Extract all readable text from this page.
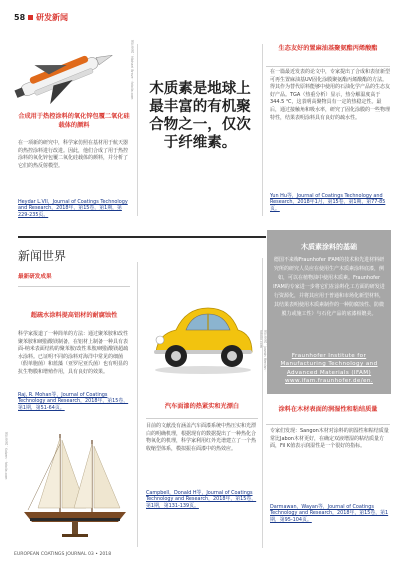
58 研发新闻
图片来源：Michael Brave · fotolia.com
合成用于热控涂料的氧化锌包覆二氧化硅载体的颜料
在一项新的研究中，科学家仿照在基材用于航天器的热控涂料进行改进。因此，他们合成了用于热控涂料的氧化锌包覆二氧化硅载体的颜料，并分析了它们的热反射模型。
Heydar L.VII，Journal of Coatings Technology and Research，2018年，第15卷，第1期，第229-235页。
木质素是地球上最丰富的有机聚合物之一，仅次于纤维素。
生态友好的置麻油基聚氨酯丙烯酸酯
在一篇最近发表的论文中，专家提出了合成和表征新型可再生置麻油基UV固化涂膜聚氨酯丙烯酸酯的方法。得其作为替代原料能够中使用的石油化学产品的生态友好产品。TGA（热重分析）显示，热分解温度高于344.5 ℃，这表明高聚物具有一定的热稳定性。最后，通过接触角和吸水率，研究了固化涂膜的一些物理特性，结果表明涂料具有良好的疏水性。
Yun Hu等，Journal of Coatings Technology and Research，2018年1月，第15卷，第1期，第77-85页。
新闻世界
最新研发成果
木质素涂料的基础
德国不来梅Fraunhofer IFAM的技术和先进材料研究所的研究人员应在使用生产木质素涂料底漆，例如，可以在植物油中使用木质素。Fraunhofer IFAM的专家进一步将它们在涂料化工方面的研发进行资源化，并将其应用于普通和市场化新型材料，其结果表明使用木质素制作的一种防腐蚀性、防微膜力或施工性）与石化产品的底漆相媲美。
Fraunhofer Institute for Manufacturing Technology and Advanced Materials (IFAM) www.ifam.fraunhofer.de/en.
超疏水涂料提高铝材的耐腐蚀性
科学家报道了一种简单的方法：通过聚苯胺和改性聚苯胺和硬脂酸镁制备，在铝材上制备一种具有表面-纳米表面结构的聚苯胺/改性苯胺/硬脂酸镁超疏水涂料。已证明不同的涂料对海洋中常见的细菌（假单胞菌）和蓝藻（亚罗尼亚氏菌）也有明显的抗生物膜和增殖作用，具有良好的效果。
Raj, R. Mohan等，Journal of Coatings Technology and Research，2018年，第15卷，第1期，第51-64页。
图片来源：Jasmin Merdan · fotolia.com
汽车面漆的热紧实和光漂白
目前的文献没有涵盖汽车面漆系统中热压实和光漂白的明确机理，根据现有的数据提出了一种热化合物氧化的机理，科学家利用红外光谱建立了一个热收缩型体系，模拟振在面漆中的热效应。
Campbell，Donald H等，Journal of Coatings Technology and Research，2018年，第15卷，第1期，第131-139页。
图片来源：Kaizen · fotolia.com
涂料在木材表面的润湿性和粘结质量
专家们发现：Sangon木材对涂料的润湿性和粘结质量常比Jabon木材更好，在确定双液增湿的粘结质量方面，Fil K值表示润湿性是一个很好的指标。
Darmawan，Wayan等，Journal of Coatings Technology and Research，2018年，第15卷，第1期，第95-104页。
EUROPEAN COATINGS JOURNAL 03 • 2018
